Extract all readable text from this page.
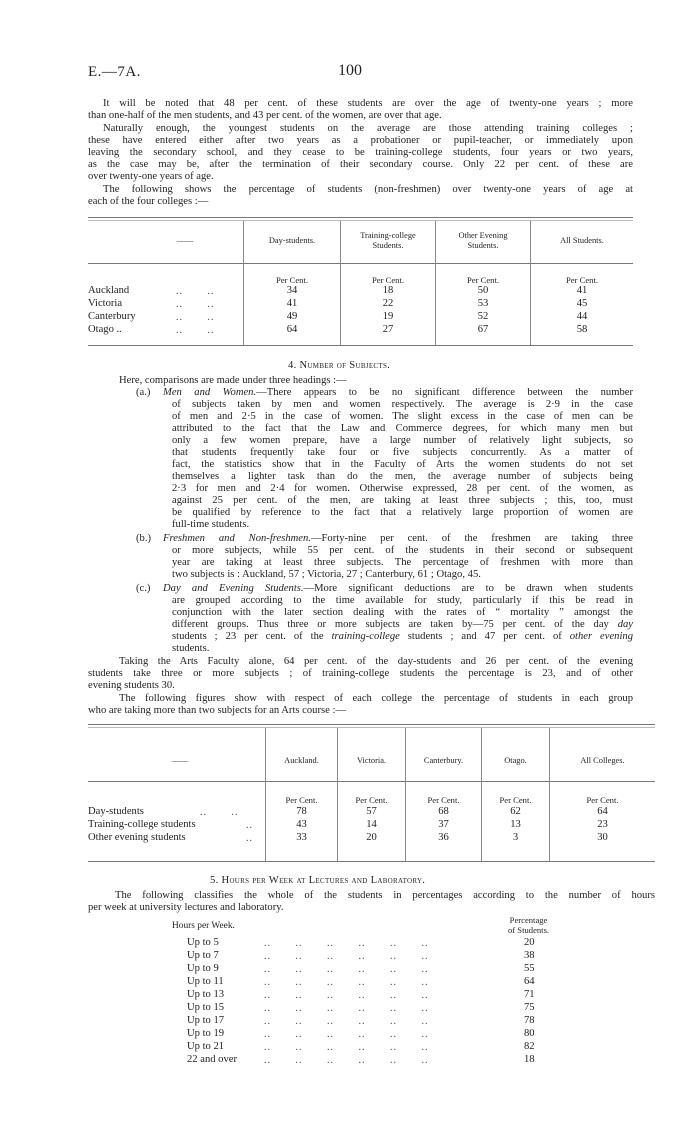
E.—7A.	100
It will be noted that 48 per cent. of these students are over the age of twenty-one years ; more
than one-half of the men students, and 43 per cent. of the women, are over that age.
Naturally enough, the youngest students on the average are those attending training colleges ;
these have entered either after two years as a probationer or pupil-teacher, or immediately upon
leaving the secondary school, and they cease to be training-college students, four years or two years,
as the case may be, after the termination of their secondary course. Only 22 per cent. of these are
over twenty-one years of age.
The following shows the percentage of students (non-freshmen) over twenty-one years of age at
each of the four colleges :—
——	Day-students.
Training-college
Students.
Other Evening
Students.	All Students.
Per Cent.	Per Cent.	Per Cent.	Per Cent.
Auckland	..       ..	34	18	50	41
Victoria	..       ..	41	22	53	45
Canterbury	..       ..	49	19	52	44
Otago ..	..       ..	64	27	67	58
4. Number of Subjects.
Here, comparisons are made under three headings :—
(a.) Men and Women.—There appears to be no significant difference between the number
of subjects taken by men and women respectively. The average is 2·9 in the case
of men and 2·5 in the case of women. The slight excess in the case of men can be
attributed to the fact that the Law and Commerce degrees, for which many men but
only a few women prepare, have a large number of relatively light subjects, so
that students frequently take four or five subjects concurrently. As a matter of
fact, the statistics show that in the Faculty of Arts the women students do not set
themselves a lighter task than do the men, the average number of subjects being
2·3 for men and 2·4 for women. Otherwise expressed, 28 per cent. of the women, as
against 25 per cent. of the men, are taking at least three subjects ; this, too, must
be qualified by reference to the fact that a relatively large proportion of women are
full-time students.
(b.) Freshmen and Non-freshmen.—Forty-nine per cent. of the freshmen are taking three
or more subjects, while 55 per cent. of the students in their second or subsequent
year are taking at least three subjects. The percentage of freshmen with more than
two subjects is : Auckland, 57 ; Victoria, 27 ; Canterbury, 61 ; Otago, 45.
(c.) Day and Evening Students.—More significant deductions are to be drawn when students
are grouped according to the time available for study, particularly if this be read in
conjunction with the later section dealing with the rates of “ mortality ” amongst the
different groups. Thus three or more subjects are taken by—75 per cent. of the day day
students ; 23 per cent. of the training-college students ; and 47 per cent. of other evening
students.
Taking the Arts Faculty alone, 64 per cent. of the day-students and 26 per cent. of the evening
students take three or more subjects ; of training-college students the percentage is 23, and of other
evening students 30.
The following figures show with respect of each college the percentage of students in each group
who are taking more than two subjects for an Arts course :—
——	Auckland.	Victoria.	Canterbury.	Otago.	All Colleges.
Per Cent.	Per Cent.	Per Cent.	Per Cent.	Per Cent.
Day-students	..       ..	78	57	68	62	64
Training-college students	..	43	14	37	13	23
Other evening students	..	33	20	36	3	30
5. Hours per Week at Lectures and Laboratory.
The following classifies the whole of the students in percentages according to the number of hours
per week at university lectures and laboratory.
Hours per Week.
Percentage
of Students.
Up to 5	..       ..       ..       ..       ..       ..	20
Up to 7	..       ..       ..       ..       ..       ..	38
Up to 9	..       ..       ..       ..       ..       ..	55
Up to 11	..       ..       ..       ..       ..       ..	64
Up to 13	..       ..       ..       ..       ..       ..	71
Up to 15	..       ..       ..       ..       ..       ..	75
Up to 17	..       ..       ..       ..       ..       ..	78
Up to 19	..       ..       ..       ..       ..       ..	80
Up to 21	..       ..       ..       ..       ..       ..	82
22 and over	..       ..       ..       ..       ..       ..	18
